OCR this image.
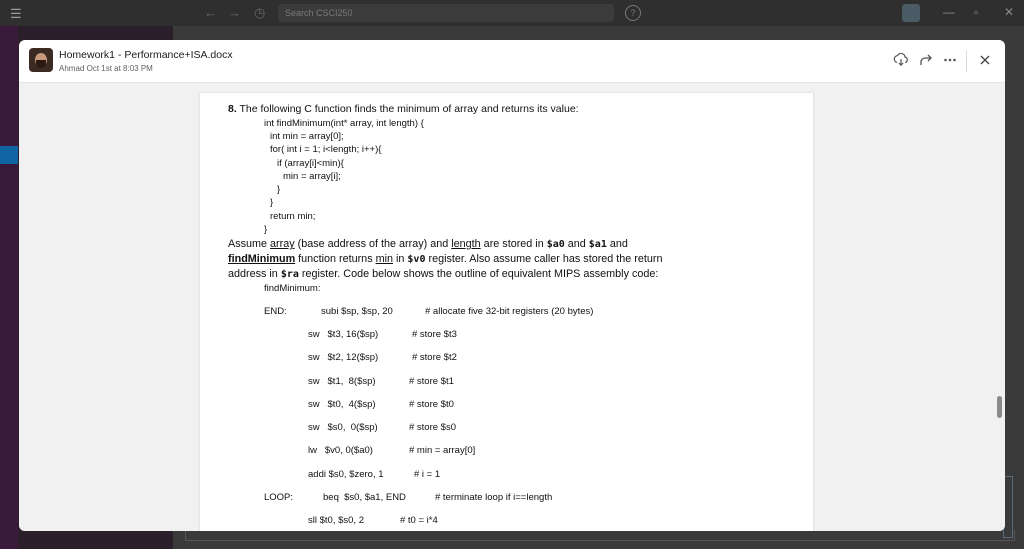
☰	← → ◷	Search CSCI250	?	— ▫ ✕
Homework1 - Performance+ISA.docx
Ahmad Oct 1st at 8:03 PM
8. The following C function finds the minimum of array and returns its value:
int findMinimum(int* array, int length) {
int min = array[0];
for( int i = 1; i<length; i++){
if (array[i]<min){
min = array[i];
}
}
return min;
}
Assume array (base address of the array) and length are stored in $a0 and $a1 and
findMinimum function returns min in $v0 register. Also assume caller has stored the return
address in $ra register. Code below shows the outline of equivalent MIPS assembly code:
findMinimum:
END:	subi $sp, $sp, 20	# allocate five 32-bit registers (20 bytes)
sw   $t3, 16($sp)	# store $t3
sw   $t2, 12($sp)	# store $t2
sw   $t1,  8($sp)	# store $t1
sw   $t0,  4($sp)	# store $t0
sw   $s0,  0($sp)	# store $s0
lw   $v0, 0($a0)	# min = array[0]
addi $s0, $zero, 1	# i = 1
LOOP:	beq  $s0, $a1, END	# terminate loop if i==length
sll $t0, $s0, 2	# t0 = i*4
